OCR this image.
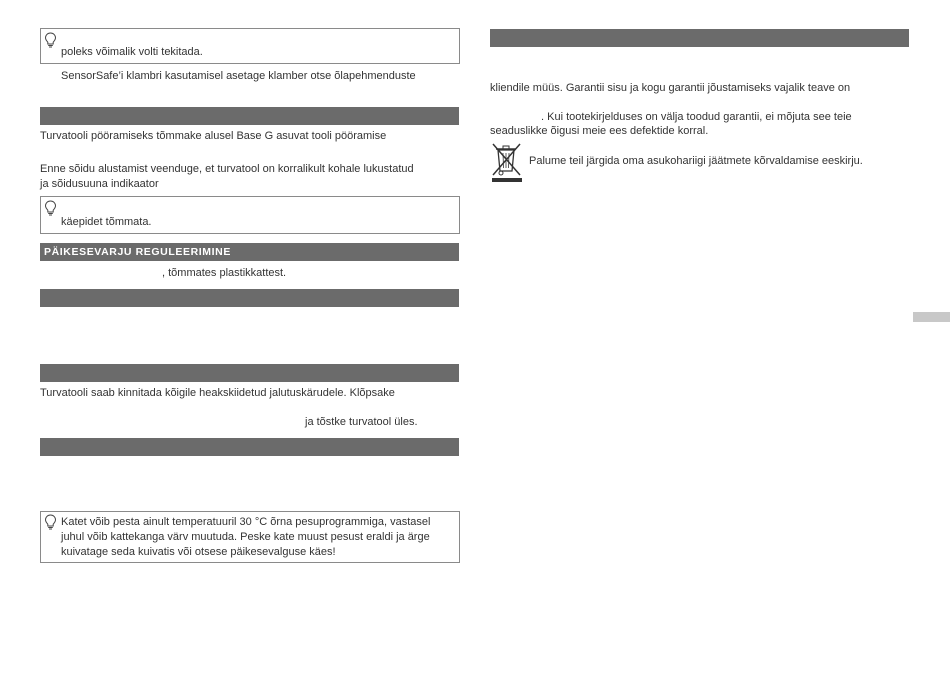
poleks võimalik volti tekitada.
SensorSafe’i klambri kasutamisel asetage klamber otse õlapehmenduste
Turvatooli pööramiseks tõmmake alusel Base G asuvat tooli pööramise
Enne sõidu alustamist veenduge, et turvatool on korralikult kohale lukustatud
ja sõidusuuna indikaator
käepidet tõmmata.
PÄIKESEVARJU REGULEERIMINE
, tõmmates plastikkattest.
Turvatooli saab kinnitada kõigile heakskiidetud jalutuskärudele. Klõpsake
ja tõstke turvatool üles.
Katet võib pesta ainult temperatuuril 30 °C õrna pesuprogrammiga, vastasel
juhul võib kattekanga värv muutuda. Peske kate muust pesust eraldi ja ärge
kuivatage seda kuivatis või otsese päikesevalguse käes!
kliendile müüs. Garantii sisu ja kogu garantii jõustamiseks vajalik teave on
. Kui tootekirjelduses on välja toodud garantii, ei mõjuta see teie
seaduslikke õigusi meie ees defektide korral.
Palume teil järgida oma asukohariigi jäätmete kõrvaldamise eeskirju.
